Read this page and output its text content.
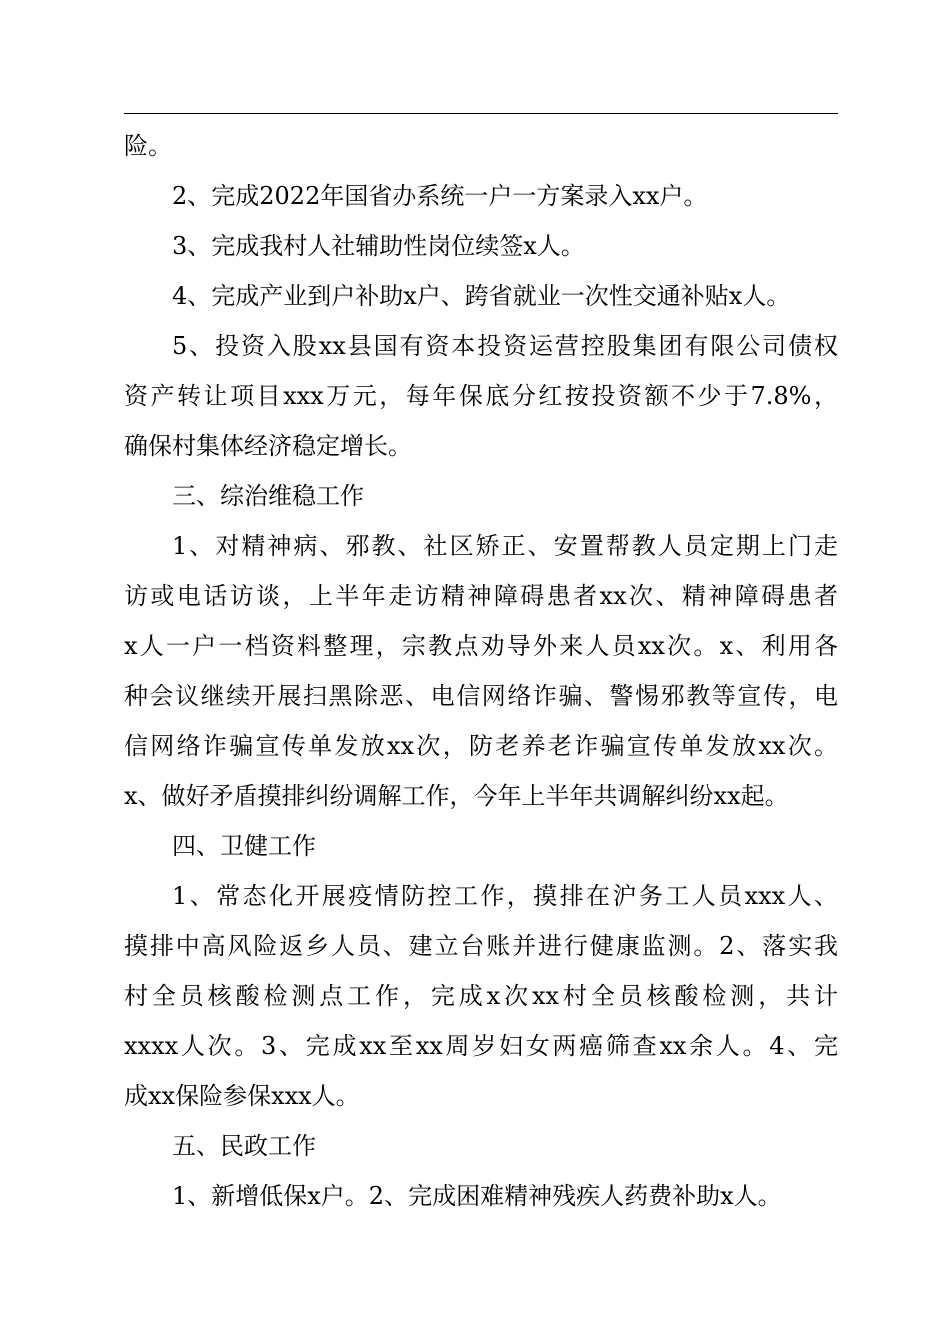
险。
2、完成2022年国省办系统一户一方案录入xx户。
3、完成我村人社辅助性岗位续签x人。
4、完成产业到户补助x户、跨省就业一次性交通补贴x人。
5、投资入股xx县国有资本投资运营控股集团有限公司债权
资产转让项目xxx万元，每年保底分红按投资额不少于7.8%，
确保村集体经济稳定增长。
三、综治维稳工作
1、对精神病、邪教、社区矫正、安置帮教人员定期上门走
访或电话访谈，上半年走访精神障碍患者xx次、精神障碍患者
x人一户一档资料整理，宗教点劝导外来人员xx次。x、利用各
种会议继续开展扫黑除恶、电信网络诈骗、警惕邪教等宣传，电
信网络诈骗宣传单发放xx次，防老养老诈骗宣传单发放xx次。
x、做好矛盾摸排纠纷调解工作，今年上半年共调解纠纷xx起。
四、卫健工作
1、常态化开展疫情防控工作，摸排在沪务工人员xxx人、
摸排中高风险返乡人员、建立台账并进行健康监测。2、落实我
村全员核酸检测点工作，完成x次xx村全员核酸检测，共计
xxxx人次。3、完成xx至xx周岁妇女两癌筛查xx余人。4、完
成xx保险参保xxx人。
五、民政工作
1、新增低保x户。2、完成困难精神残疾人药费补助x人。
